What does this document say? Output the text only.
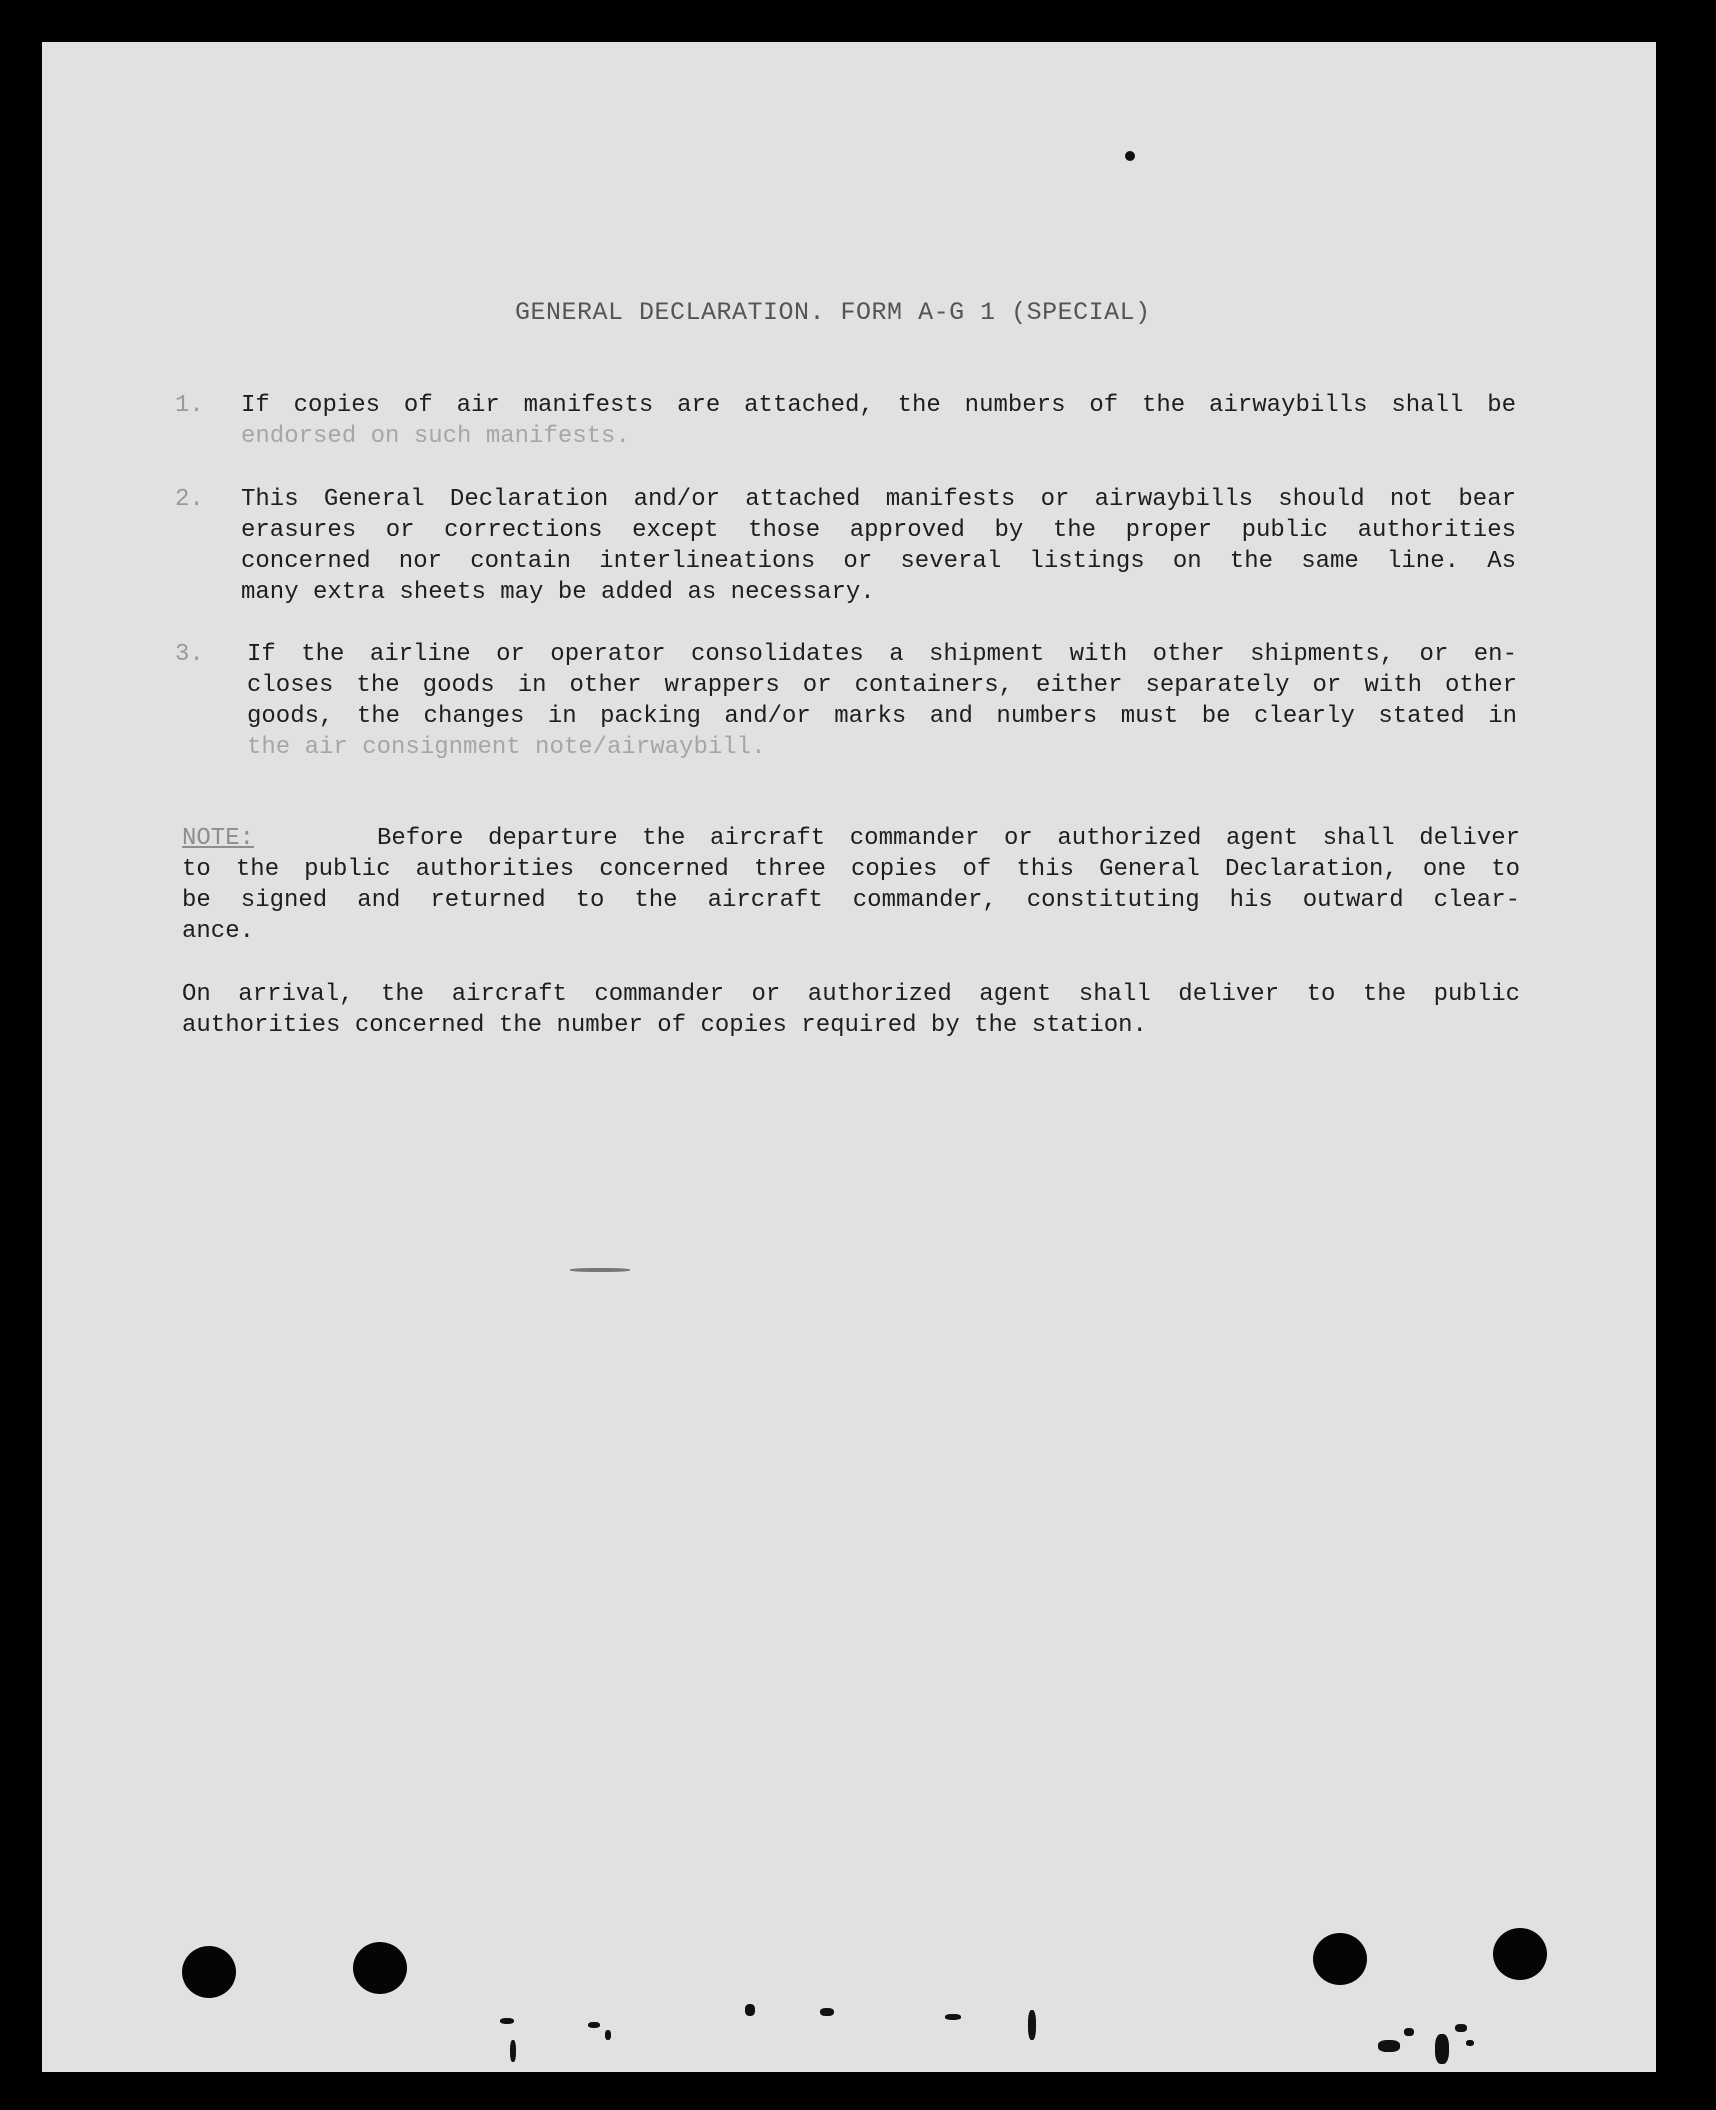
GENERAL DECLARATION. FORM A-G 1 (SPECIAL)
1.	If copies of air manifests are attached, the numbers of the airwaybills shall be
endorsed on such manifests.
2.	This General Declaration and/or attached manifests or airwaybills should not bear
erasures or corrections except those approved by the proper public authorities
concerned nor contain interlineations or several listings on the same line. As
many extra sheets may be added as necessary.
3.	If the airline or operator consolidates a shipment with other shipments, or en-
closes the goods in other wrappers or containers, either separately or with other
goods, the changes in packing and/or marks and numbers must be clearly stated in
the air consignment note/airwaybill.
NOTE:	Before departure the aircraft commander or authorized agent shall deliver
to the public authorities concerned three copies of this General Declaration, one to
be signed and returned to the aircraft commander, constituting his outward clear-
ance.
On arrival, the aircraft commander or authorized agent shall deliver to the public
authorities concerned the number of copies required by the station.
